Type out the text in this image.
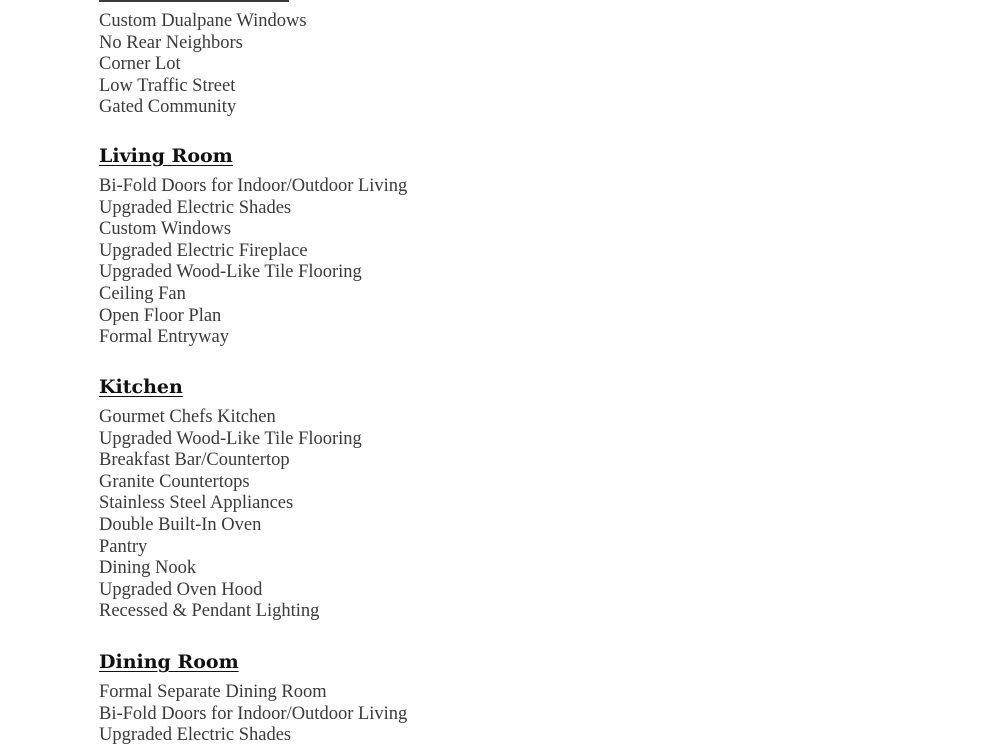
Custom Dualpane Windows
No Rear Neighbors
Corner Lot
Low Traffic Street
Gated Community
Living Room
Bi-Fold Doors for Indoor/Outdoor Living
Upgraded Electric Shades
Custom Windows
Upgraded Electric Fireplace
Upgraded Wood-Like Tile Flooring
Ceiling Fan
Open Floor Plan
Formal Entryway
Kitchen
Gourmet Chefs Kitchen
Upgraded Wood-Like Tile Flooring
Breakfast Bar/Countertop
Granite Countertops
Stainless Steel Appliances
Double Built-In Oven
Pantry
Dining Nook
Upgraded Oven Hood
Recessed & Pendant Lighting
Dining Room
Formal Separate Dining Room
Bi-Fold Doors for Indoor/Outdoor Living
Upgraded Electric Shades
